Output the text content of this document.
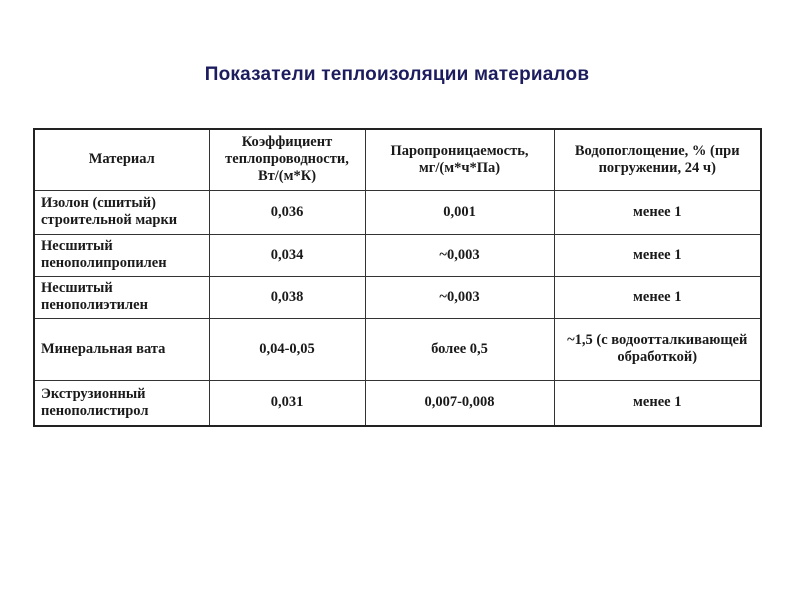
Показатели теплоизоляции материалов
Материал	Коэффициент теплопроводности, Вт/(м*К)	Паропроницаемость, мг/(м*ч*Па)	Водопоглощение, % (при погружении, 24 ч)
Изолон (сшитый) строительной марки	0,036	0,001	менее 1
Несшитый пенополипропилен	0,034	~0,003	менее 1
Несшитый пенополиэтилен	0,038	~0,003	менее 1
Минеральная вата	0,04-0,05	более 0,5	~1,5 (с водоотталкивающей обработкой)
Экструзионный пенополистирол	0,031	0,007-0,008	менее 1
